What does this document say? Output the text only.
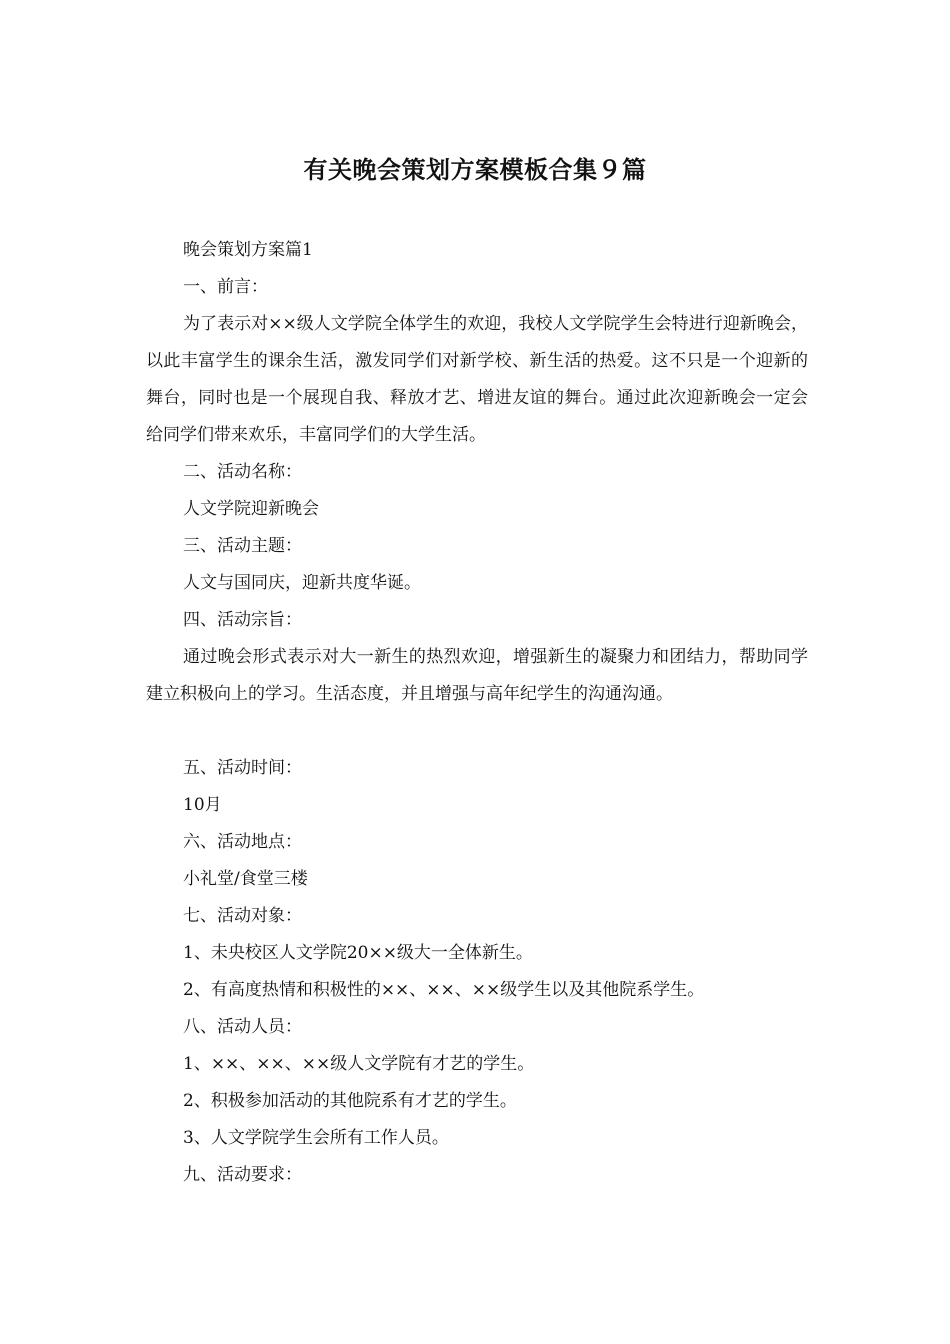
有关晚会策划方案模板合集９篇

晚会策划方案篇1

一、前言：

为了表示对××级人文学院全体学生的欢迎，我校人文学院学生会特进行迎新晚会，以此丰富学生的课余生活，激发同学们对新学校、新生活的热爱。这不只是一个迎新的舞台，同时也是一个展现自我、释放才艺、增进友谊的舞台。通过此次迎新晚会一定会给同学们带来欢乐，丰富同学们的大学生活。

二、活动名称：

人文学院迎新晚会

三、活动主题：

人文与国同庆，迎新共度华诞。

四、活动宗旨：

通过晚会形式表示对大一新生的热烈欢迎，增强新生的凝聚力和团结力，帮助同学建立积极向上的学习。生活态度，并且增强与高年纪学生的沟通沟通。

五、活动时间：

10月

六、活动地点：

小礼堂/食堂三楼

七、活动对象：

1、未央校区人文学院20××级大一全体新生。

2、有高度热情和积极性的××、××、××级学生以及其他院系学生。

八、活动人员：

1、××、××、××级人文学院有才艺的学生。

2、积极参加活动的其他院系有才艺的学生。

3、人文学院学生会所有工作人员。

九、活动要求：
